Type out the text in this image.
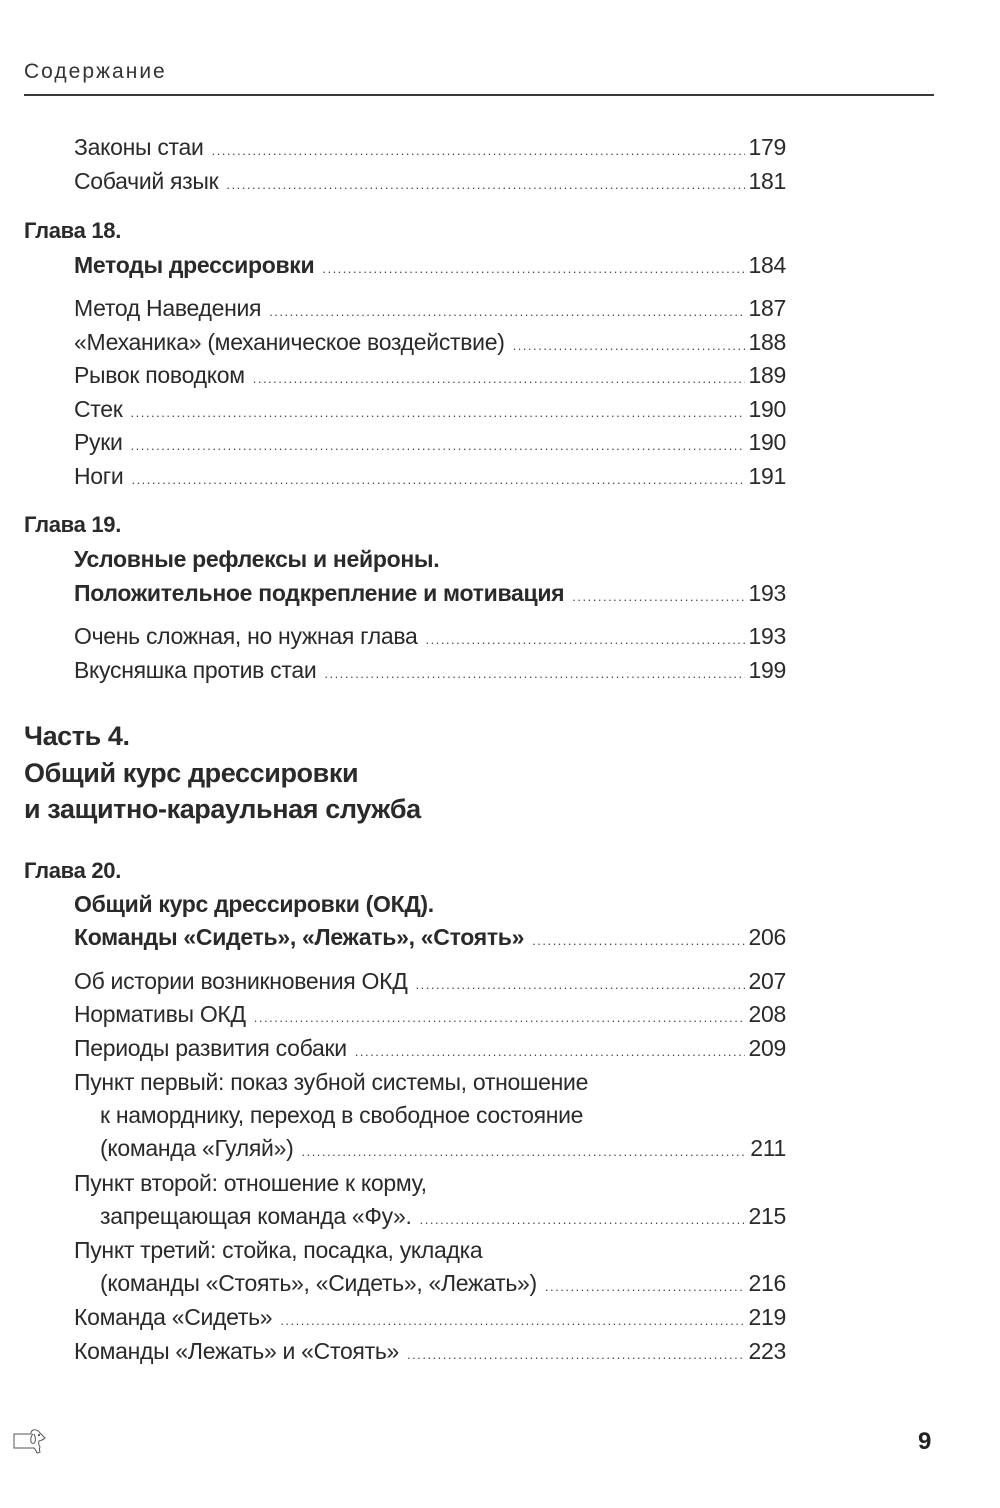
Содержание
Законы стаи .....	179
Собачий язык .....	181
Глава 18.
Методы дрессировки .....	184
Метод Наведения .....	187
«Механика» (механическое воздействие) .....	188
Рывок поводком .....	189
Стек .....	190
Руки .....	190
Ноги .....	191
Глава 19.
Условные рефлексы и нейроны.
Положительное подкрепление и мотивация .....	193
Очень сложная, но нужная глава .....	193
Вкусняшка против стаи .....	199
Часть 4.
Общий курс дрессировки
и защитно-караульная служба
Глава 20.
Общий курс дрессировки (ОКД).
Команды «Сидеть», «Лежать», «Стоять» .....	206
Об истории возникновения ОКД .....	207
Нормативы ОКД .....	208
Периоды развития собаки .....	209
Пункт первый: показ зубной системы, отношение
к наморднику, переход в свободное состояние
(команда «Гуляй») .....	211
Пункт второй: отношение к корму,
запрещающая команда «Фу». .....	215
Пункт третий: стойка, посадка, укладка
(команды «Стоять», «Сидеть», «Лежать») .....	216
Команда «Сидеть» .....	219
Команды «Лежать» и «Стоять» .....	223
9
